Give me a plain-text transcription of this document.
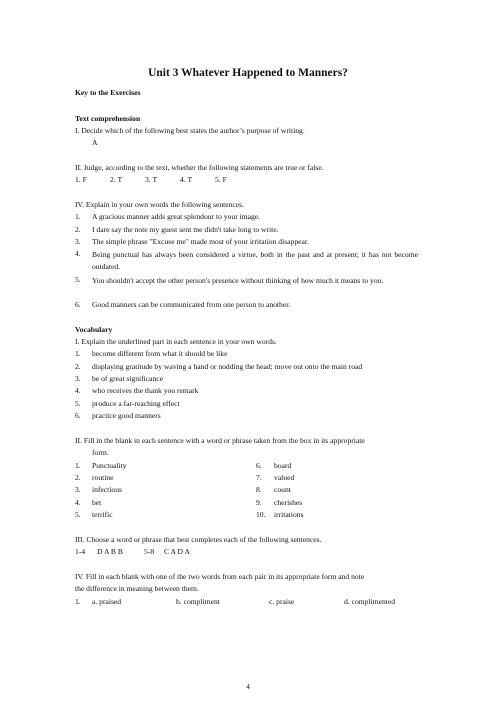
Unit 3 Whatever Happened to Manners?
Key to the Exercises
Text comprehension
I. Decide which of the following best states the author’s purpose of writing.
A
II. Judge, according to the text, whether the following statements are true or false.
1. F	2. T	3. T	4. T	5. F
IV. Explain in your own words the following sentences.
1. A gracious manner adds great splendour to your image.
2. I dare say the note my guest sent me didn't take long to write.
3. The simple phrase "Excuse me" made most of your irritation disappear.
4. Being punctual has always been considered a virtue, both in the past and at present; it has not become outdated.
5. You shouldn't accept the other person's presence without thinking of how much it means to you.
6. Good manners can be communicated from one person to another.
Vocabulary
I. Explain the underlined part in each sentence in your own words.
1. become different from what it should be like
2. displaying gratitude by waving a hand or nodding the head; move out onto the main road
3. be of great significance
4. who receives the thank you remark
5. produce a far-reaching effect
6. practice good manners
II. Fill in the blank in each sentence with a word or phrase taken from the box in its appropriate
form.
1. Punctuality	6. board
2. routine	7. valued
3. infectious	8. count
4. bet	9. cherishes
5. terrific	10. irritations
III. Choose a word or phrase that best completes each of the following sentences.
1-4 D A B B	5-8 C A D A
IV. Fill in each blank with one of the two words from each pair in its appropriate form and note
the difference in meaning between them.
1. a. praised	b. compliment	c. praise	d. complimented
4
